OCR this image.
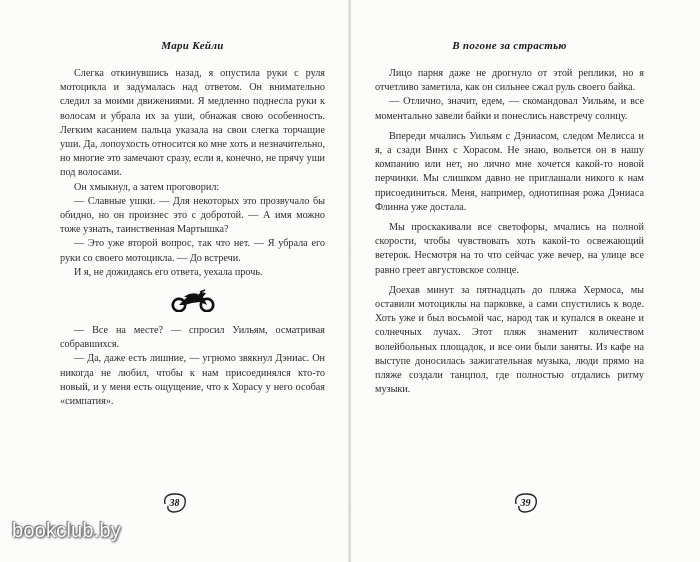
Мари Кейли

Слегка откинувшись назад, я опустила руки с руля мотоцикла и задумалась над ответом. Он внимательно следил за моими движениями. Я медленно поднесла руки к волосам и убрала их за уши, обнажая свою особенность. Легким касанием пальца указала на свои слегка торчащие уши. Да, лопоухость относится ко мне хоть и незначительно, но многие это замечают сразу, если я, конечно, не прячу уши под волосами.

Он хмыкнул, а затем проговорил:

— Славные ушки. — Для некоторых это прозвучало бы обидно, но он произнес это с добротой. — А имя можно тоже узнать, таинственная Мартышка?

— Это уже второй вопрос, так что нет. — Я убрала его руки со своего мотоцикла. — До встречи.

И я, не дожидаясь его ответа, уехала прочь.

— Все на месте? — спросил Уильям, осматривая собравшихся.

— Да, даже есть лишние, — угрюмо звякнул Дэниас. Он никогда не любил, чтобы к нам присоединялся кто-то новый, и у меня есть ощущение, что к Хорасу у него особая «симпатия».

38
В погоне за страстью

Лицо парня даже не дрогнуло от этой реплики, но я отчетливо заметила, как он сильнее сжал руль своего байка.

— Отлично, значит, едем, — скомандовал Уильям, и все моментально завели байки и понеслись навстречу солнцу.

Впереди мчались Уильям с Дэниасом, следом Мелисса и я, а сзади Винх с Хорасом. Не знаю, вольется он в нашу компанию или нет, но лично мне хочется какой-то новой перчинки. Мы слишком давно не приглашали никого к нам присоединиться. Меня, например, однотипная рожа Дэниаса Флинна уже достала.

Мы проскакивали все светофоры, мчались на полной скорости, чтобы чувствовать хоть какой-то освежающий ветерок. Несмотря на то что сейчас уже вечер, на улице все равно греет августовское солнце.

Доехав минут за пятнадцать до пляжа Хермоса, мы оставили мотоциклы на парковке, а сами спустились к воде. Хоть уже и был восьмой час, народ так и купался в океане и солнечных лучах. Этот пляж знаменит количеством волейбольных площадок, и все они были заняты. Из кафе на выступе доносилась зажигательная музыка, люди прямо на пляже создали танцпол, где полностью отдались ритму музыки.

39
bookclub.by
